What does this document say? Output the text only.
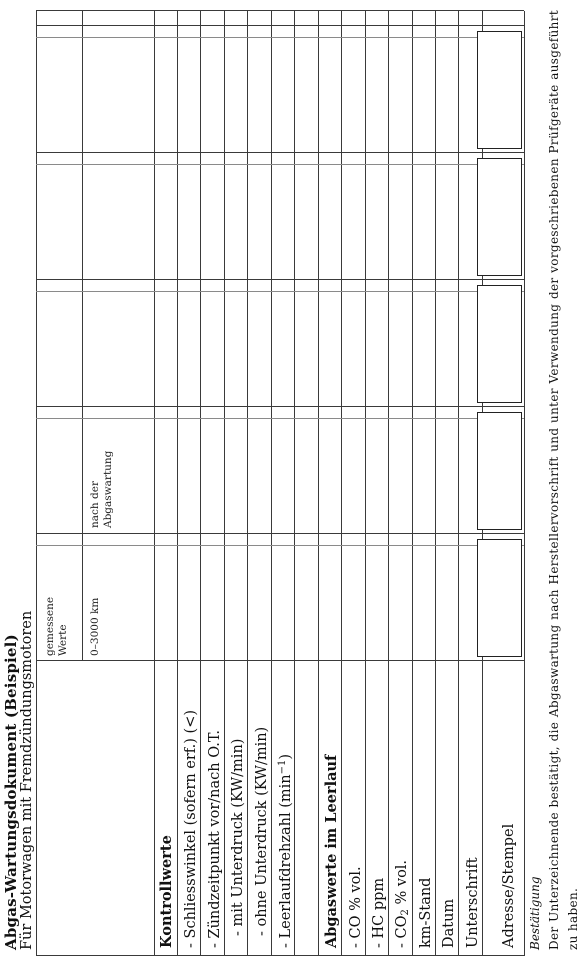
Abgas-Wartungsdokument (Beispiel) Für Motorwagen mit Fremdzündungsmotoren gemessene Werte 0–3000 km
nach der Abgaswartung
Kontrollwerte - Schliesswinkel (sofern erf.) (<) - Zündzeitpunkt vor/nach O.T. - mit Unterdruck (KW/min) - ohne Unterdruck (KW/min) - Leerlaufdrehzahl $(\min^{-1})$ Abgaswerte im Leerlauf - CO % vol. - HC ppm - $CO_2$ % vol. km-Stand Datum Unterschrift Adresse/Stempel Bestätigung Der Unterzeichnende bestätigt, die Abgaswartung nach Herstellervorschrift und unter Verwendung der vorgeschriebenen Prüfgeräte ausgeführt zu haben.
